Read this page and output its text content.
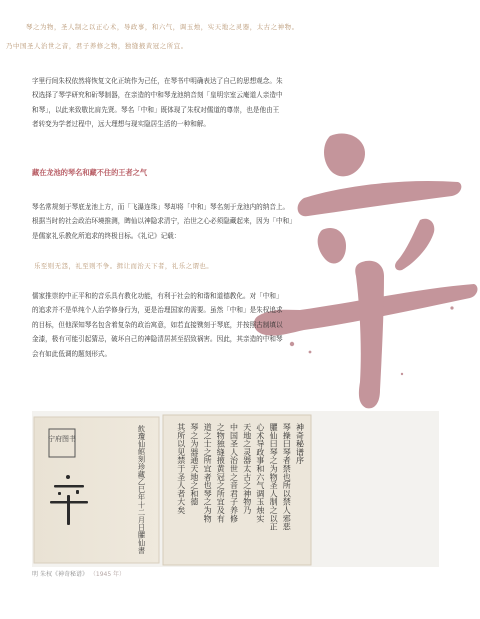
琴之为物，圣人制之以正心术，导政事，和六气，调玉烛，实天地之灵器，太古之神物。
乃中国圣人治世之音，君子养修之物，独缝掖黄冠之所宜。
字里行间朱权依然将恢复文化正统作为己任，在琴书中明确表达了自己的思想观念。朱
权选择了琴学研究和斫琴制器，在亲造的中和琴龙池纳音刻「皇明宗室云庵道人亲造中
和琴」，以此来致敬比肩先贤。琴名「中和」既体现了朱权对儒道的尊崇，也是他由王
者转变为学者过程中，远大理想与现实隐居生活的一种和解。
藏在龙池的琴名和藏不住的王者之气
琴名常规刻于琴底龙池上方，而「飞瀑连珠」琴却将「中和」琴名刻于龙池内的纳音上。
根据当时的社会政治环境推测，睥仙以神隐求清宁，治世之心必须隐藏起来，因为「中和」
是儒家礼乐教化所追求的终极目标。《礼记》记载：
乐至则无怨，礼至则不争。揖让而治天下者，礼乐之谓也。
儒家推崇的中正平和的音乐具有教化功能，有利于社会的和谐和道德教化。对「中和」
的追求并不是单纯个人治学修身行为，更是治理国家的需要。虽然「中和」是朱权追求
的目标，但他深知琴名包含着复杂的政治寓意，如若直接镌刻于琴底，并按照古制填以
金漆，极有可能引起猜忌，破坏自己的神隐清居甚至招致祸害。因此，其亲造的中和琴
会有如此低调的题刻形式。
宁府图书	飲瓊仙館刻珍藏乙巳年十二月日臞仙書	神奇秘谱序
琴操曰琴者禁也所以禁人邪恶
臞仙曰琴之为物圣人制之以正
心术导政事和六气调玉烛实
天地之灵器太古之神物乃
中国圣人治世之音君子养修
之物独缝掖黄冠之所宜及有
道之士之所宜者也琴之为物
琴之为器通天地之和德
其所以见禁于圣人者大矣
明 朱权《神奇秘谱》 （1945 年）
